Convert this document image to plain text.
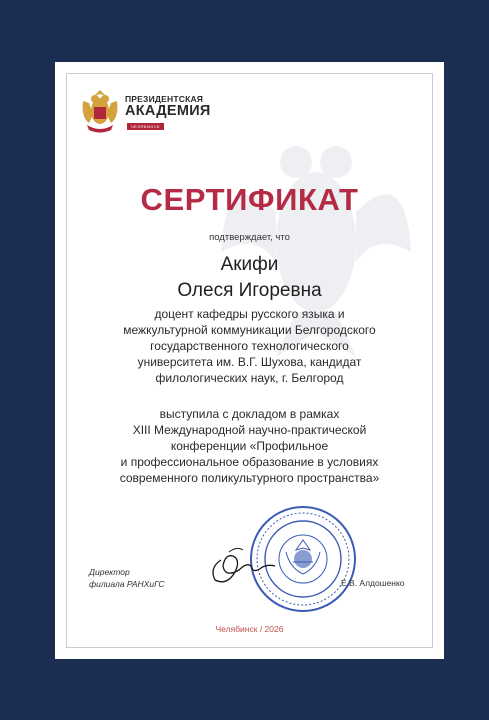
ПРЕЗИДЕНТСКАЯ
АКАДЕМИЯ
ЧЕЛЯБИНСК
СЕРТИФИКАТ
подтверждает, что
Акифи
Олеся Игоревна
доцент кафедры русского языка и
межкультурной коммуникации Белгородского
государственного технологического
университета им. В.Г. Шухова, кандидат
филологических наук, г. Белгород
выступила с докладом в рамках
XIII Международной научно-практической
конференции «Профильное
и профессиональное образование в условиях
современного поликультурного пространства»
Директор
филиала РАНХиГС	Е.В. Алдошенко
Челябинск / 2026
